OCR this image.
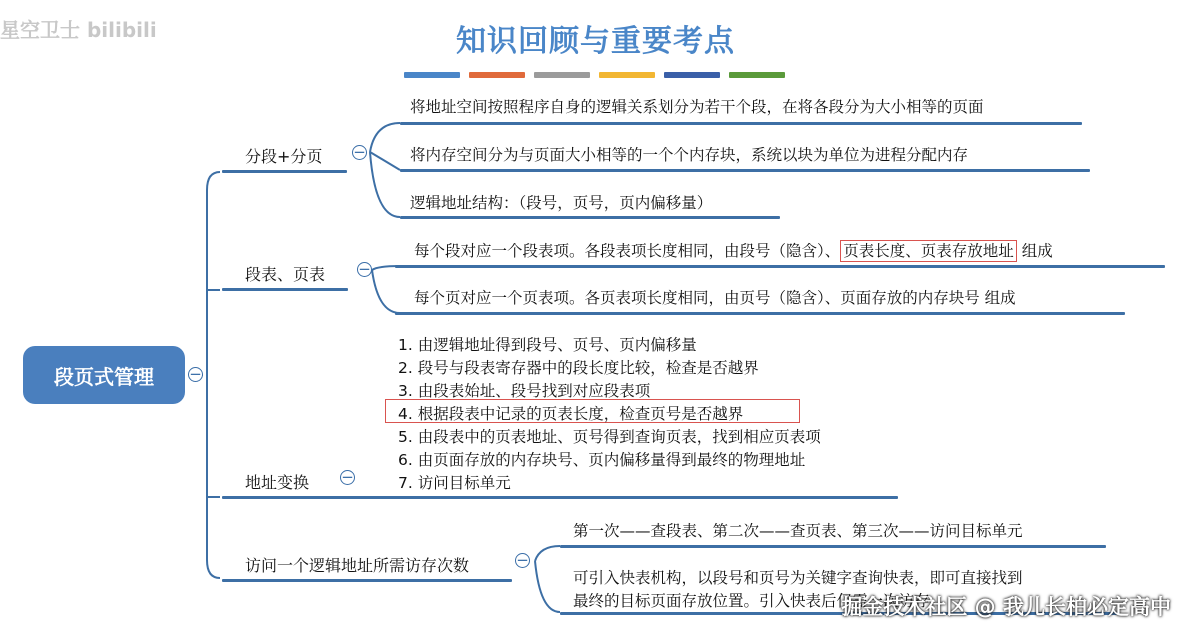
星空卫士 bilibili	知识回顾与重要考点
段页式管理	−
分段+分页 −
将地址空间按照程序自身的逻辑关系划分为若干个段，在将各段分为大小相等的页面
将内存空间分为与页面大小相等的一个个内存块，系统以块为单位为进程分配内存
逻辑地址结构：（段号，页号，页内偏移量）
段表、页表 −
每个段对应一个段表项。各段表项长度相同，由段号（隐含）、 页表长度、页表存放地址 组成
每个页对应一个页表项。各页表项长度相同，由页号（隐含）、页面存放的内存块号 组成
地址变换 −
1. 由逻辑地址得到段号、页号、页内偏移量
2. 段号与段表寄存器中的段长度比较，检查是否越界
3. 由段表始址、段号找到对应段表项
4. 根据段表中记录的页表长度，检查页号是否越界
5. 由段表中的页表地址、页号得到查询页表，找到相应页表项
6. 由页面存放的内存块号、页内偏移量得到最终的物理地址
7. 访问目标单元
访问一个逻辑地址所需访存次数	−
第一次——查段表、第二次——查页表、第三次——访问目标单元
可引入快表机构，以段号和页号为关键字查询快表，即可直接找到
最终的目标页面存放位置。引入快表后仅需一次访存
掘金技术社区 @ 我儿长柏必定高中
